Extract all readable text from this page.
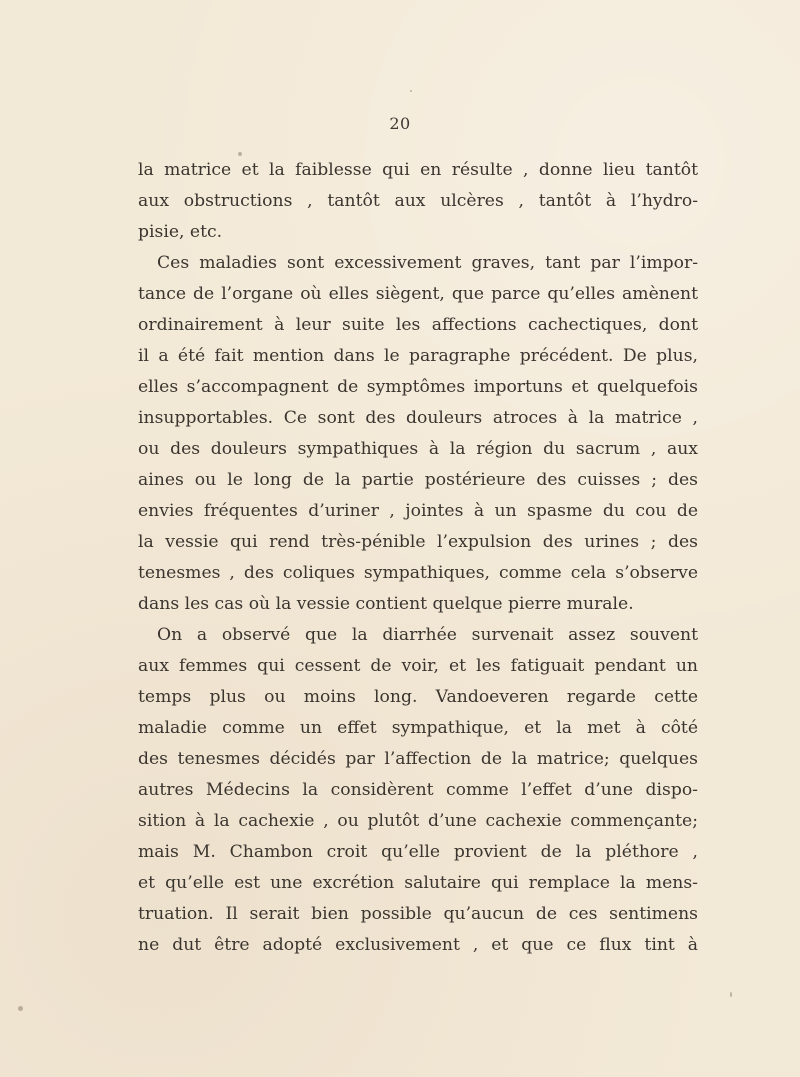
20
la matrice et la faiblesse qui en résulte , donne lieu tantôt
aux obstructions , tantôt aux ulcères , tantôt à l’hydro-
pisie, etc.
Ces maladies sont excessivement graves, tant par l’impor-
tance de l’organe où elles siègent, que parce qu’elles amènent
ordinairement à leur suite les affections cachectiques, dont
il a été fait mention dans le paragraphe précédent. De plus,
elles s’accompagnent de symptômes importuns et quelquefois
insupportables. Ce sont des douleurs atroces à la matrice ,
ou des douleurs sympathiques à la région du sacrum , aux
aines ou le long de la partie postérieure des cuisses ; des
envies fréquentes d’uriner , jointes à un spasme du cou de
la vessie qui rend très-pénible l’expulsion des urines ; des
tenesmes , des coliques sympathiques, comme cela s’observe
dans les cas où la vessie contient quelque pierre murale.
On a observé que la diarrhée survenait assez souvent
aux femmes qui cessent de voir, et les fatiguait pendant un
temps plus ou moins long. Vandoeveren regarde cette
maladie comme un effet sympathique, et la met à côté
des tenesmes décidés par l’affection de la matrice; quelques
autres Médecins la considèrent comme l’effet d’une dispo-
sition à la cachexie , ou plutôt d’une cachexie commençante;
mais M. Chambon croit qu’elle provient de la pléthore ,
et qu’elle est une excrétion salutaire qui remplace la mens-
truation. Il serait bien possible qu’aucun de ces sentimens
ne dut être adopté exclusivement , et que ce flux tint à
